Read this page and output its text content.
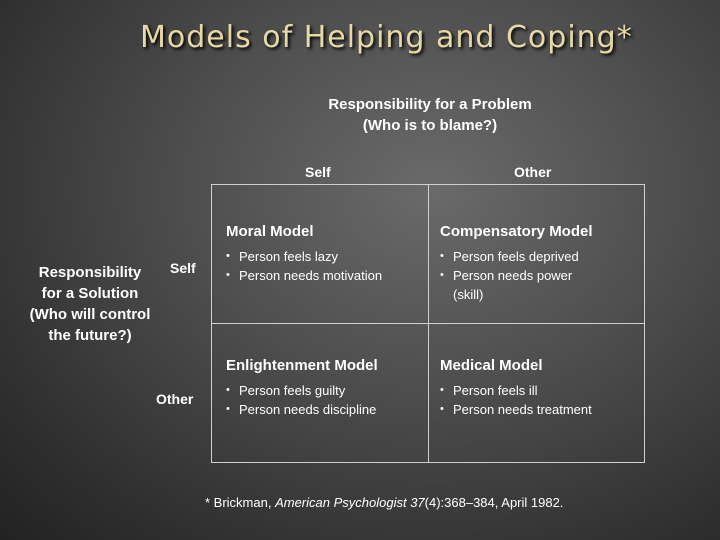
Models of Helping and Coping*
Responsibility for a Problem
(Who is to blame?)
Self	Other
Responsibility
for a Solution
(Who will control
the future?)
Self
Other
Moral Model
• Person feels lazy
• Person needs motivation
Compensatory Model
• Person feels deprived
• Person needs power
(skill)
Enlightenment Model
• Person feels guilty
• Person needs discipline
Medical Model
• Person feels ill
• Person needs treatment
* Brickman, American Psychologist 37(4):368–384, April 1982.
